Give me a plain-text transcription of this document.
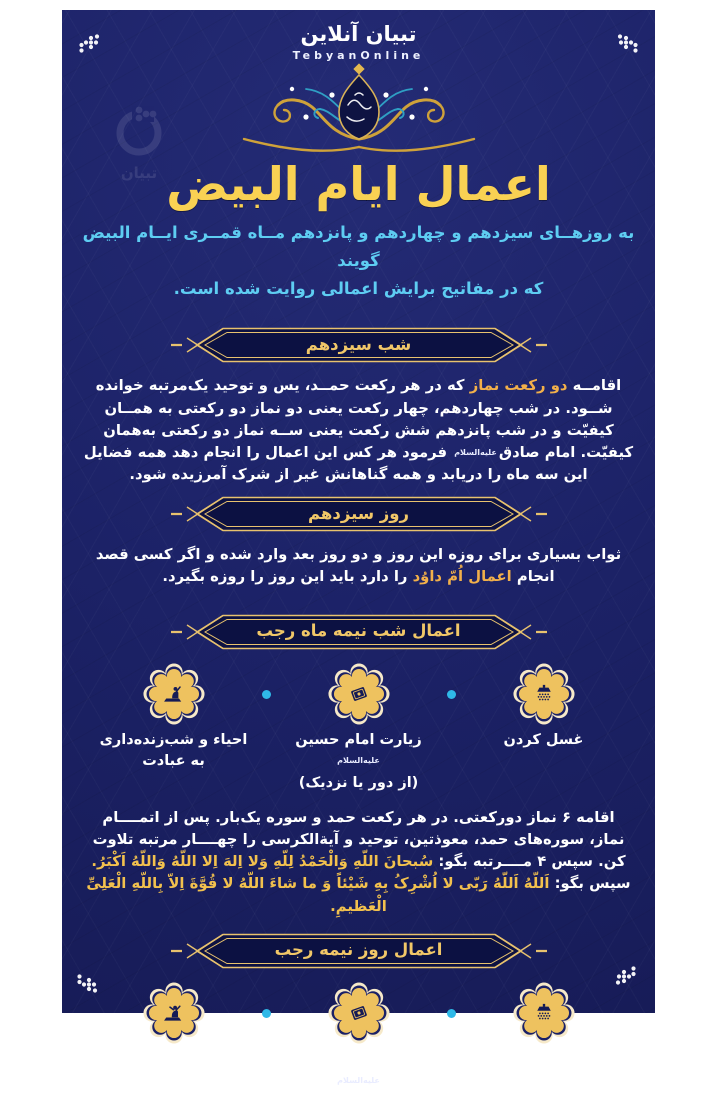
تبیان
تبیان آنلاین
TebyanOnline
اعمال ایام البیض
به روزهــای سیزدهم و چهاردهم و پانزدهم مــاه قمــری ایــام البیض گویند
که در مفاتیح برایش اعمالی روایت شده است.
شب سیزدهم
اقامــه دو رکعت نماز که در هر رکعت حمــد، یس و توحید یک‌مرتبه خوانده شــود. در شب چهاردهم، چهار رکعت یعنی دو نماز دو رکعتی به همــان کیفیّت و در شب پانزدهم شش رکعت یعنی ســه نماز دو رکعتی به‌همان کیفیّت. امام صادقعلیه‌السلام فرمود هر کس این اعمال را انجام دهد همه فضایل این سه ماه را دریابد و همه گناهانش غیر از شرک آمرزیده شود.
روز سیزدهم
ثواب بسیاری برای روزه این روز و دو روز بعد وارد شده و اگر کسی قصد انجام اعمال اُمّ داوُد را دارد باید این روز را روزه بگیرد.
اعمال شب نیمه ماه رجب
غسل کردن
زیارت امام حسینعلیه‌السلام
(از دور یا نزدیک)
احیاء و شب‌زنده‌داری به عبادت
اقامه ۶ نماز دورکعتی. در هر رکعت حمد و سوره یک‌بار. پس از اتمــــام نماز، سوره‌های حمد، معوذتین، توحید و آیةالکرسی را چهــــار مرتبه تلاوت کن. سپس ۴ مــــرتبه بگو: سُبحانَ اللّهِ وَالْحَمْدُ لِلّهِ وَلا اِلهَ اِلا اللّهُ وَاللّهُ اَکْبَرُ. سپس بگو: اَللّهُ اَللّهُ رَبّی لا اُشْرِکُ بِهِ شَیْئاً وَ ما شاءَ اللّهُ لا قُوَّةَ اِلاّ بِاللّهِ الْعَلِیِّ الْعَظیمِ.
اعمال روز نیمه رجب
غسل کردن
زیارت امام حسینعلیه‌السلام
(از دور یا نزدیک)
اقامه نماز جناب سلمان
